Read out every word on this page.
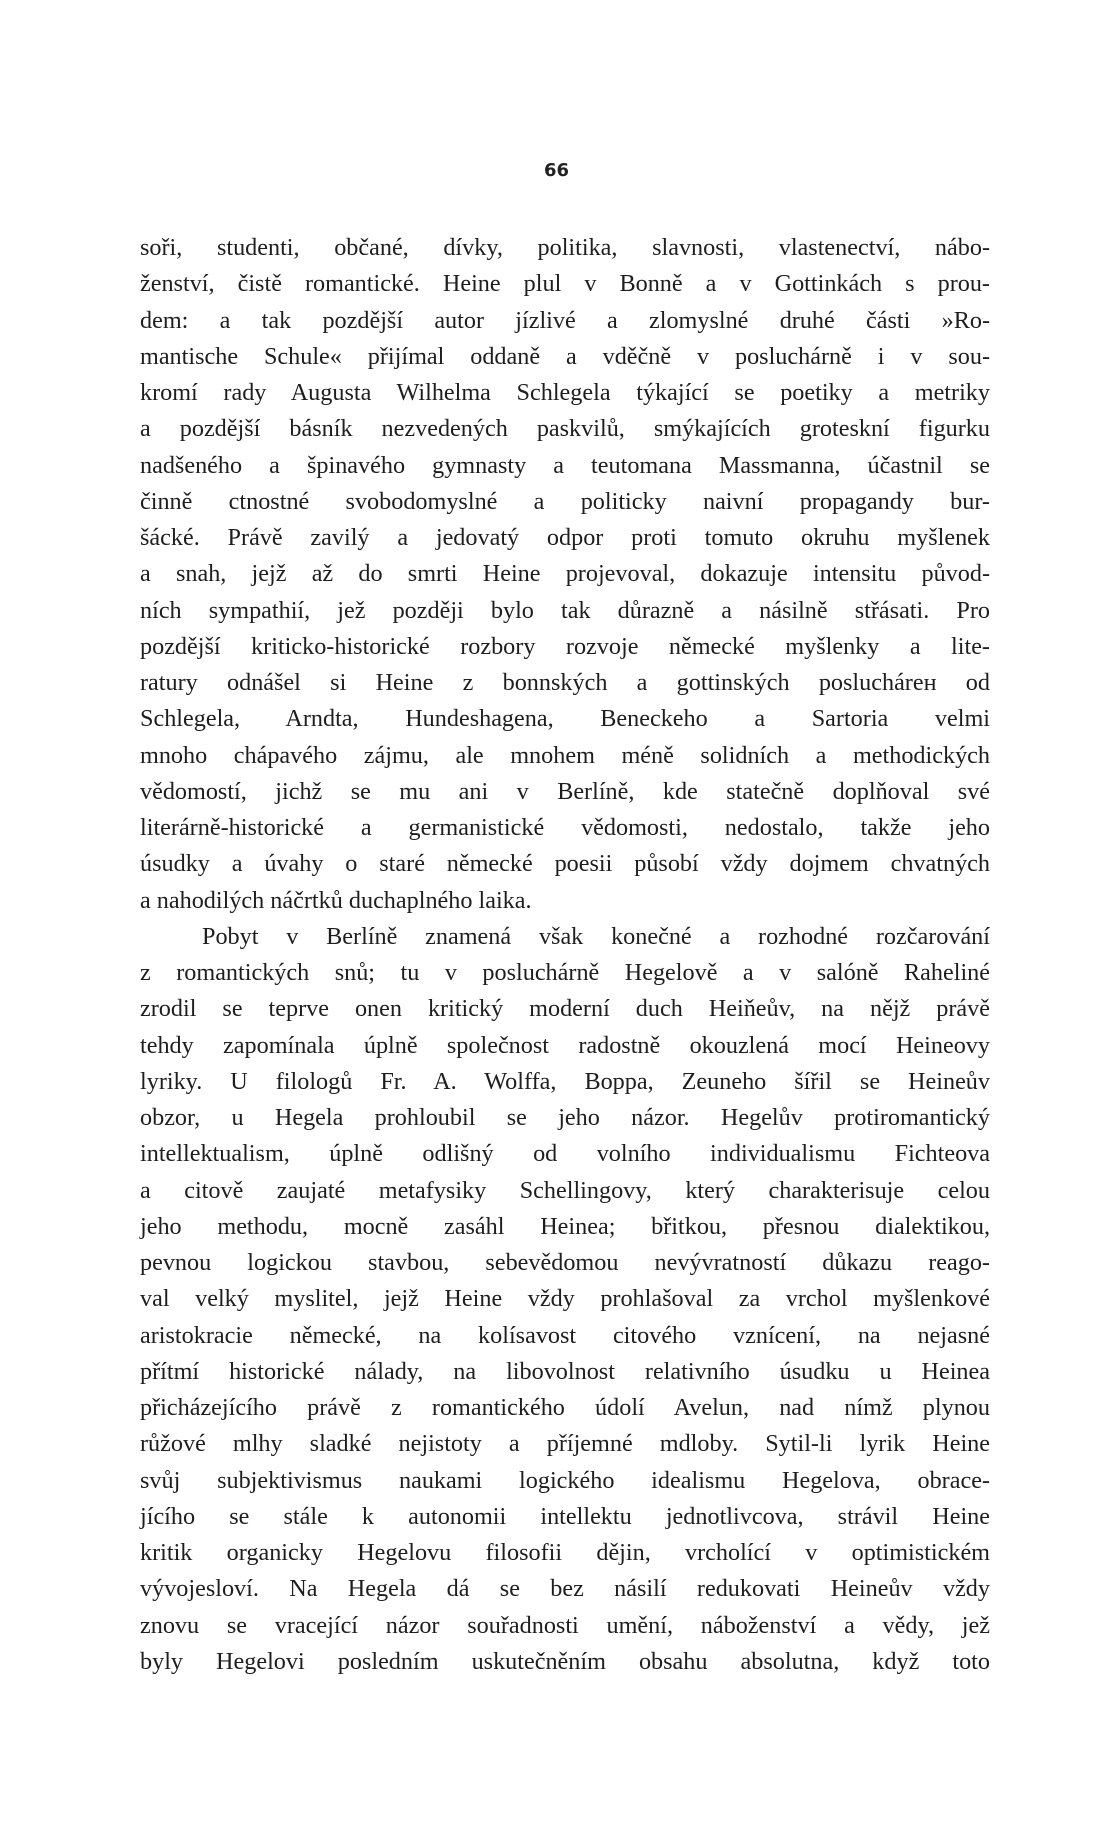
66
soři, studenti, občané, dívky, politika, slavnosti, vlastenectví, nábo-
ženství, čistě romantické. Heine plul v Bonně a v Gottinkách s prou-
dem: a tak pozdější autor jízlivé a zlomyslné druhé části »Ro-
mantische Schule« přijímal oddaně a vděčně v posluchárně i v sou-
kromí rady Augusta Wilhelma Schlegela týkající se poetiky a metriky
a pozdější básník nezvedených paskvilů, smýkajících groteskní figurku
nadšeného a špinavého gymnasty a teutomana Massmanna, účastnil se
činně ctnostné svobodomyslné a politicky naivní propagandy bur-
šácké. Právě zavilý a jedovatý odpor proti tomuto okruhu myšlenek
a snah, jejž až do smrti Heine projevoval, dokazuje intensitu původ-
ních sympathií, jež později bylo tak důrazně a násilně střásati. Pro
pozdější kriticko-historické rozbory rozvoje německé myšlenky a lite-
ratury odnášel si Heine z bonnských a gottinských posluchárен od
Schlegela, Arndta, Hundeshagena, Beneckeho a Sartoria velmi
mnoho chápavého zájmu, ale mnohem méně solidních a methodických
vědomostí, jichž se mu ani v Berlíně, kde statečně doplňoval své
literárně-historické a germanistické vědomosti, nedostalo, takže jeho
úsudky a úvahy o staré německé poesii působí vždy dojmem chvatných
a nahodilých náčrtků duchaplného laika.
Pobyt v Berlíně znamená však konečné a rozhodné rozčarování
z romantických snů; tu v posluchárně Hegelově a v salóně Raheliné
zrodil se teprve onen kritický moderní duch Heiňeův, na nějž právě
tehdy zapomínala úplně společnost radostně okouzlená mocí Heineovy
lyriky. U filologů Fr. A. Wolffa, Boppa, Zeuneho šířil se Heineův
obzor, u Hegela prohloubil se jeho názor. Hegelův protiromantický
intellektualism, úplně odlišný od volního individualismu Fichteova
a citově zaujaté metafysiky Schellingovy, který charakterisuje celou
jeho methodu, mocně zasáhl Heinea; břitkou, přesnou dialektikou,
pevnou logickou stavbou, sebevědomou nevývratností důkazu reago-
val velký myslitel, jejž Heine vždy prohlašoval za vrchol myšlenkové
aristokracie německé, na kolísavost citového vznícení, na nejasné
přítmí historické nálady, na libovolnost relativního úsudku u Heinea
přicházejícího právě z romantického údolí Avelun, nad nímž plynou
růžové mlhy sladké nejistoty a příjemné mdloby. Sytil-li lyrik Heine
svůj subjektivismus naukami logického idealismu Hegelova, obrace-
jícího se stále k autonomii intellektu jednotlivcova, strávil Heine
kritik organicky Hegelovu filosofii dějin, vrcholící v optimistickém
vývojesloví. Na Hegela dá se bez násilí redukovati Heineův vždy
znovu se vracející názor souřadnosti umění, náboženství a vědy, jež
byly Hegelovi posledním uskutečněním obsahu absolutna, když toto
